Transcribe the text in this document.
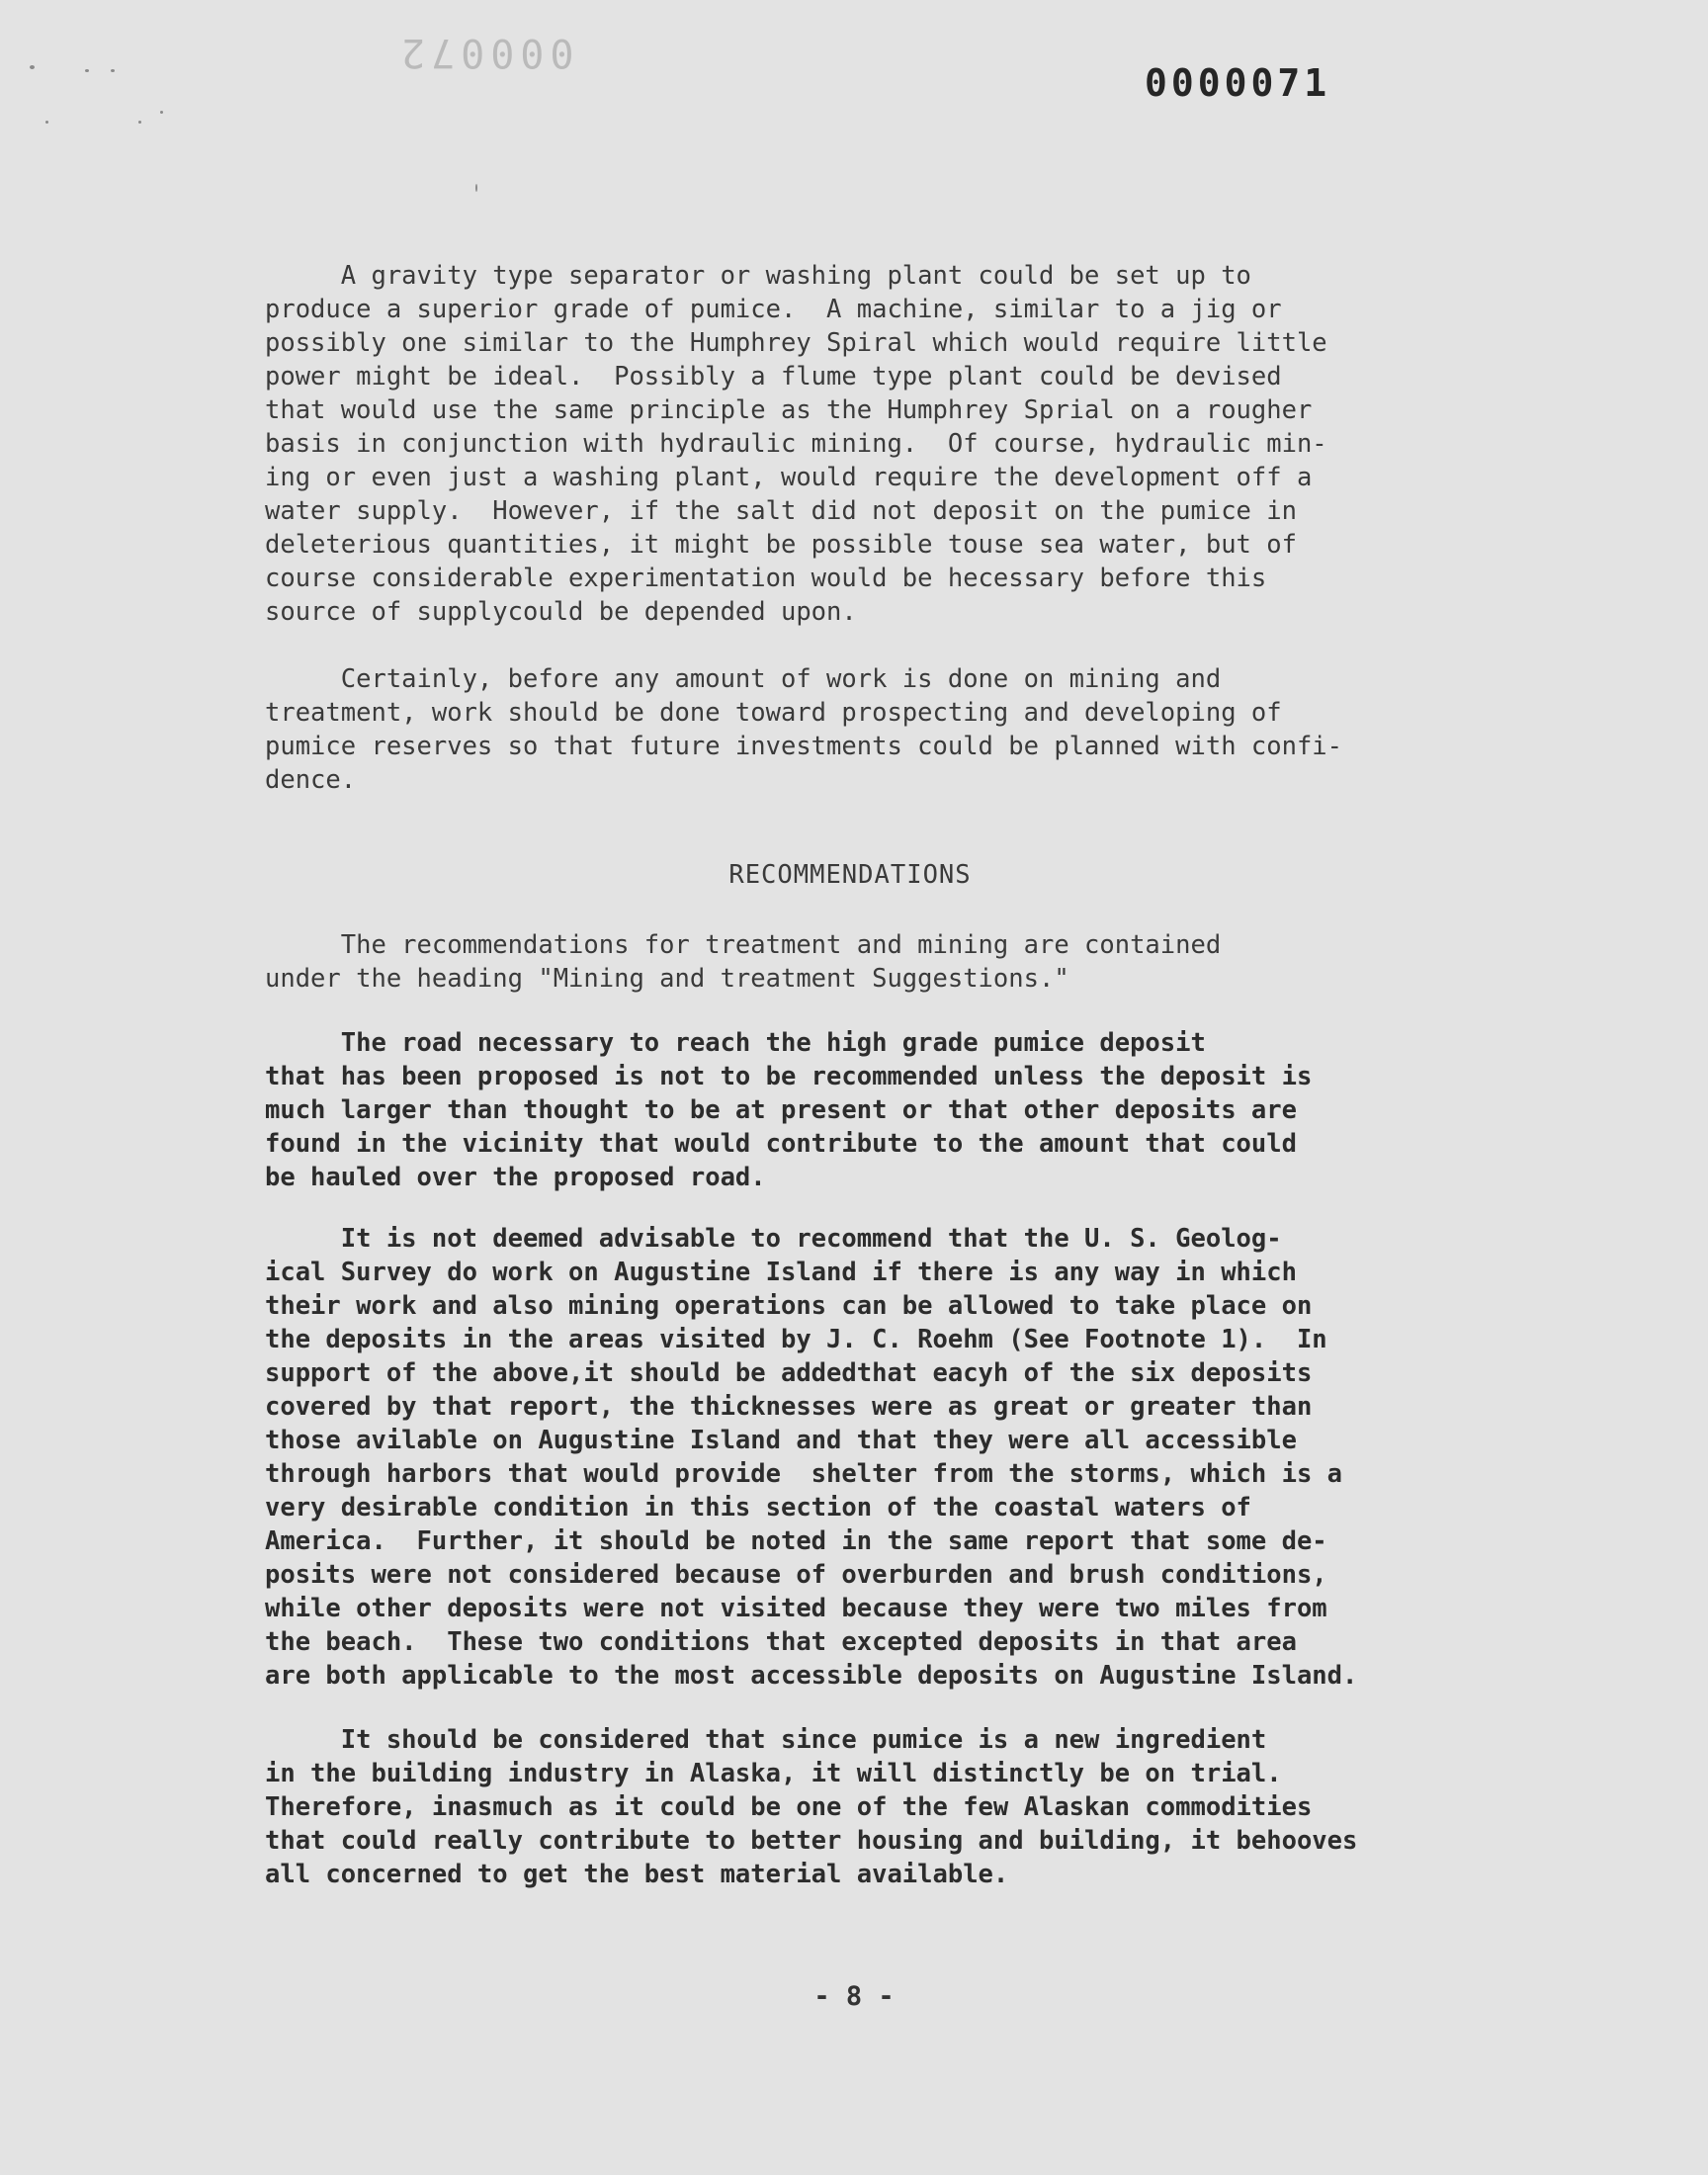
000072
0000071
A gravity type separator or washing plant could be set up to
produce a superior grade of pumice.  A machine, similar to a jig or
possibly one similar to the Humphrey Spiral which would require little
power might be ideal.  Possibly a flume type plant could be devised
that would use the same principle as the Humphrey Sprial on a rougher
basis in conjunction with hydraulic mining.  Of course, hydraulic min-
ing or even just a washing plant, would require the development off a
water supply.  However, if the salt did not deposit on the pumice in
deleterious quantities, it might be possible touse sea water, but of
course considerable experimentation would be hecessary before this
source of supplycould be depended upon.
Certainly, before any amount of work is done on mining and
treatment, work should be done toward prospecting and developing of
pumice reserves so that future investments could be planned with confi-
dence.
RECOMMENDATIONS
The recommendations for treatment and mining are contained
under the heading "Mining and treatment Suggestions."
The road necessary to reach the high grade pumice deposit
that has been proposed is not to be recommended unless the deposit is
much larger than thought to be at present or that other deposits are
found in the vicinity that would contribute to the amount that could
be hauled over the proposed road.
It is not deemed advisable to recommend that the U. S. Geolog-
ical Survey do work on Augustine Island if there is any way in which
their work and also mining operations can be allowed to take place on
the deposits in the areas visited by J. C. Roehm (See Footnote 1).  In
support of the above,it should be addedthat eacyh of the six deposits
covered by that report, the thicknesses were as great or greater than
those avilable on Augustine Island and that they were all accessible
through harbors that would provide  shelter from the storms, which is a
very desirable condition in this section of the coastal waters of
America.  Further, it should be noted in the same report that some de-
posits were not considered because of overburden and brush conditions,
while other deposits were not visited because they were two miles from
the beach.  These two conditions that excepted deposits in that area
are both applicable to the most accessible deposits on Augustine Island.
It should be considered that since pumice is a new ingredient
in the building industry in Alaska, it will distinctly be on trial.
Therefore, inasmuch as it could be one of the few Alaskan commodities
that could really contribute to better housing and building, it behooves
all concerned to get the best material available.
- 8 -
